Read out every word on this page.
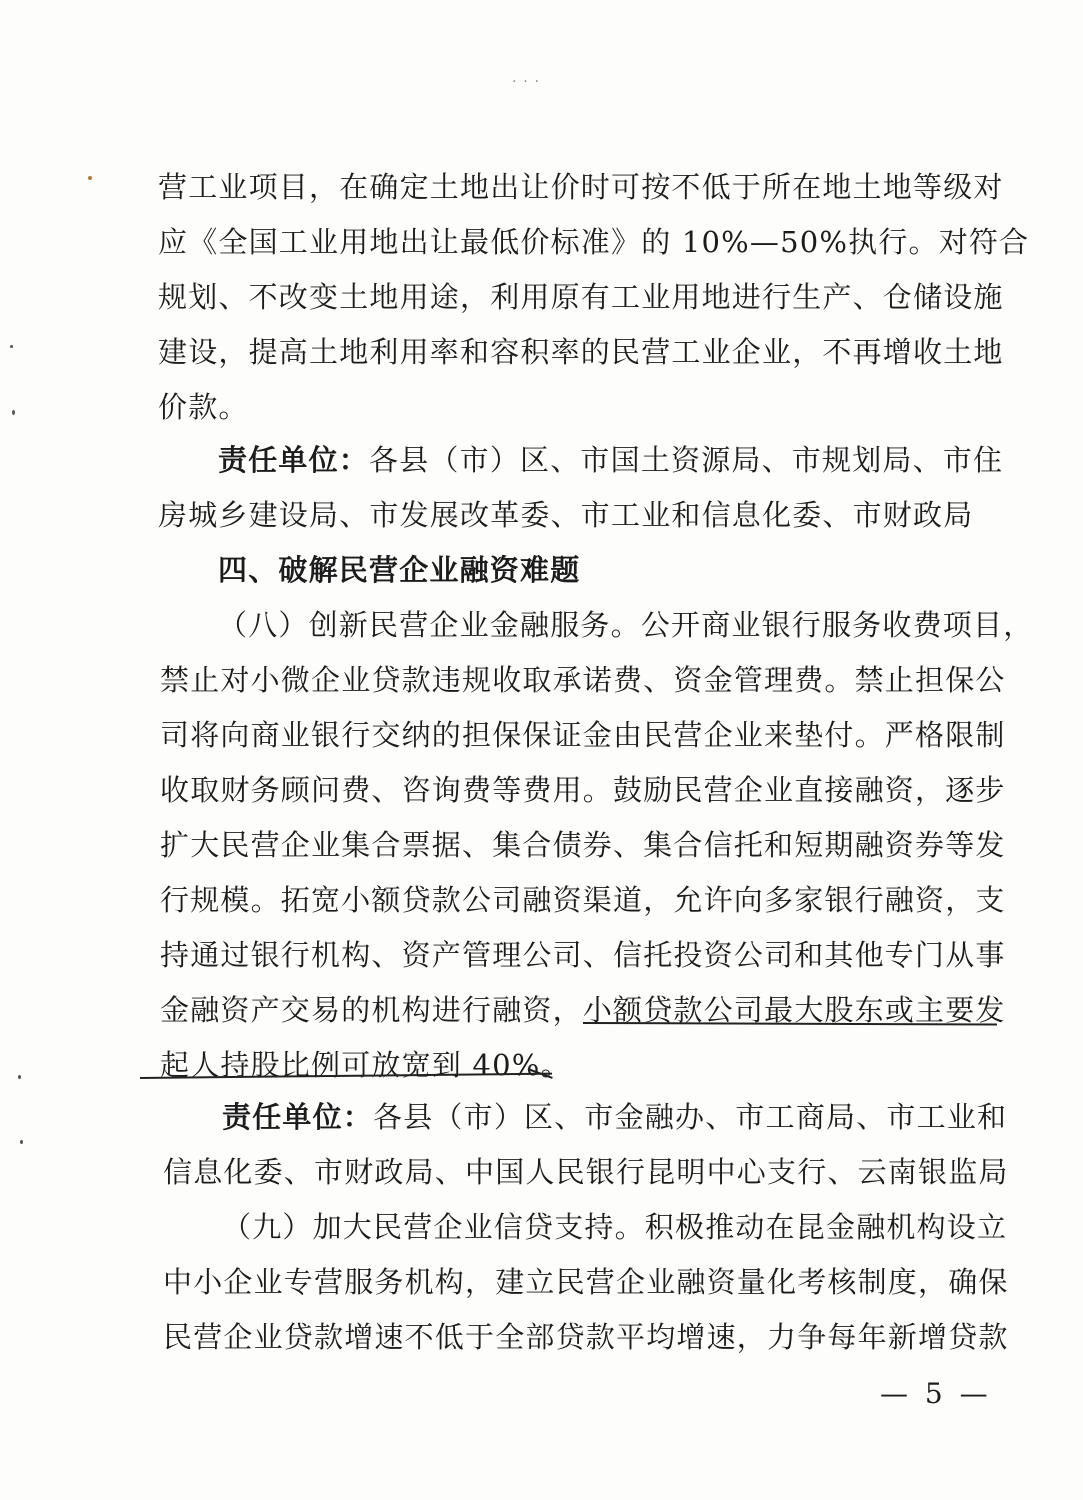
. . .
营工业项目，在确定土地出让价时可按不低于所在地土地等级对
应《全国工业用地出让最低价标准》的 10%—50%执行。对符合
规划、不改变土地用途，利用原有工业用地进行生产、仓储设施
建设，提高土地利用率和容积率的民营工业企业，不再增收土地
价款。
责任单位：各县（市）区、市国土资源局、市规划局、市住
房城乡建设局、市发展改革委、市工业和信息化委、市财政局
四、破解民营企业融资难题
（八）创新民营企业金融服务。公开商业银行服务收费项目，
禁止对小微企业贷款违规收取承诺费、资金管理费。禁止担保公
司将向商业银行交纳的担保保证金由民营企业来垫付。严格限制
收取财务顾问费、咨询费等费用。鼓励民营企业直接融资，逐步
扩大民营企业集合票据、集合债券、集合信托和短期融资券等发
行规模。拓宽小额贷款公司融资渠道，允许向多家银行融资，支
持通过银行机构、资产管理公司、信托投资公司和其他专门从事
金融资产交易的机构进行融资，小额贷款公司最大股东或主要发
起人持股比例可放宽到 40%。
责任单位：各县（市）区、市金融办、市工商局、市工业和
信息化委、市财政局、中国人民银行昆明中心支行、云南银监局
（九）加大民营企业信贷支持。积极推动在昆金融机构设立
中小企业专营服务机构，建立民营企业融资量化考核制度，确保
民营企业贷款增速不低于全部贷款平均增速，力争每年新增贷款
— 5 —
